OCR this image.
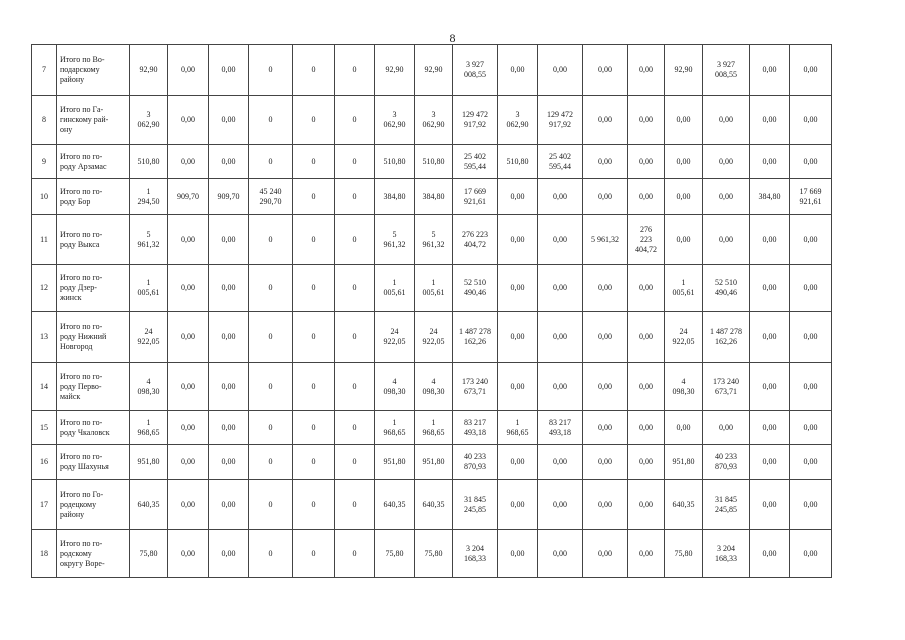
8
7	Итого по Во-
подарскому
району	92,90	0,00	0,00	0	0	0	92,90	92,90	3 927
008,55	0,00	0,00	0,00	0,00	92,90	3 927
008,55	0,00	0,00
8	Итого по Га-
гинскому рай-
ону	3
062,90	0,00	0,00	0	0	0	3
062,90	3
062,90	129 472
917,92	3
062,90	129 472
917,92	0,00	0,00	0,00	0,00	0,00	0,00
9	Итого по го-
роду Арзамас	510,80	0,00	0,00	0	0	0	510,80	510,80	25 402
595,44	510,80	25 402
595,44	0,00	0,00	0,00	0,00	0,00	0,00
10	Итого по го-
роду Бор	1
294,50	909,70	909,70	45 240
290,70	0	0	384,80	384,80	17 669
921,61	0,00	0,00	0,00	0,00	0,00	0,00	384,80	17 669
921,61
11	Итого по го-
роду Выкса	5
961,32	0,00	0,00	0	0	0	5
961,32	5
961,32	276 223
404,72	0,00	0,00	5 961,32	276
223
404,72	0,00	0,00	0,00	0,00
12	Итого по го-
роду Дзер-
жинск	1
005,61	0,00	0,00	0	0	0	1
005,61	1
005,61	52 510
490,46	0,00	0,00	0,00	0,00	1
005,61	52 510
490,46	0,00	0,00
13	Итого по го-
роду Нижний
Новгород	24
922,05	0,00	0,00	0	0	0	24
922,05	24
922,05	1 487 278
162,26	0,00	0,00	0,00	0,00	24
922,05	1 487 278
162,26	0,00	0,00
14	Итого по го-
роду Перво-
майск	4
098,30	0,00	0,00	0	0	0	4
098,30	4
098,30	173 240
673,71	0,00	0,00	0,00	0,00	4
098,30	173 240
673,71	0,00	0,00
15	Итого по го-
роду Чкаловск	1
968,65	0,00	0,00	0	0	0	1
968,65	1
968,65	83 217
493,18	1
968,65	83 217
493,18	0,00	0,00	0,00	0,00	0,00	0,00
16	Итого по го-
роду Шахунья	951,80	0,00	0,00	0	0	0	951,80	951,80	40 233
870,93	0,00	0,00	0,00	0,00	951,80	40 233
870,93	0,00	0,00
17	Итого по Го-
родецкому
району	640,35	0,00	0,00	0	0	0	640,35	640,35	31 845
245,85	0,00	0,00	0,00	0,00	640,35	31 845
245,85	0,00	0,00
18	Итого по го-
родскому
округу Воре-	75,80	0,00	0,00	0	0	0	75,80	75,80	3 204
168,33	0,00	0,00	0,00	0,00	75,80	3 204
168,33	0,00	0,00
